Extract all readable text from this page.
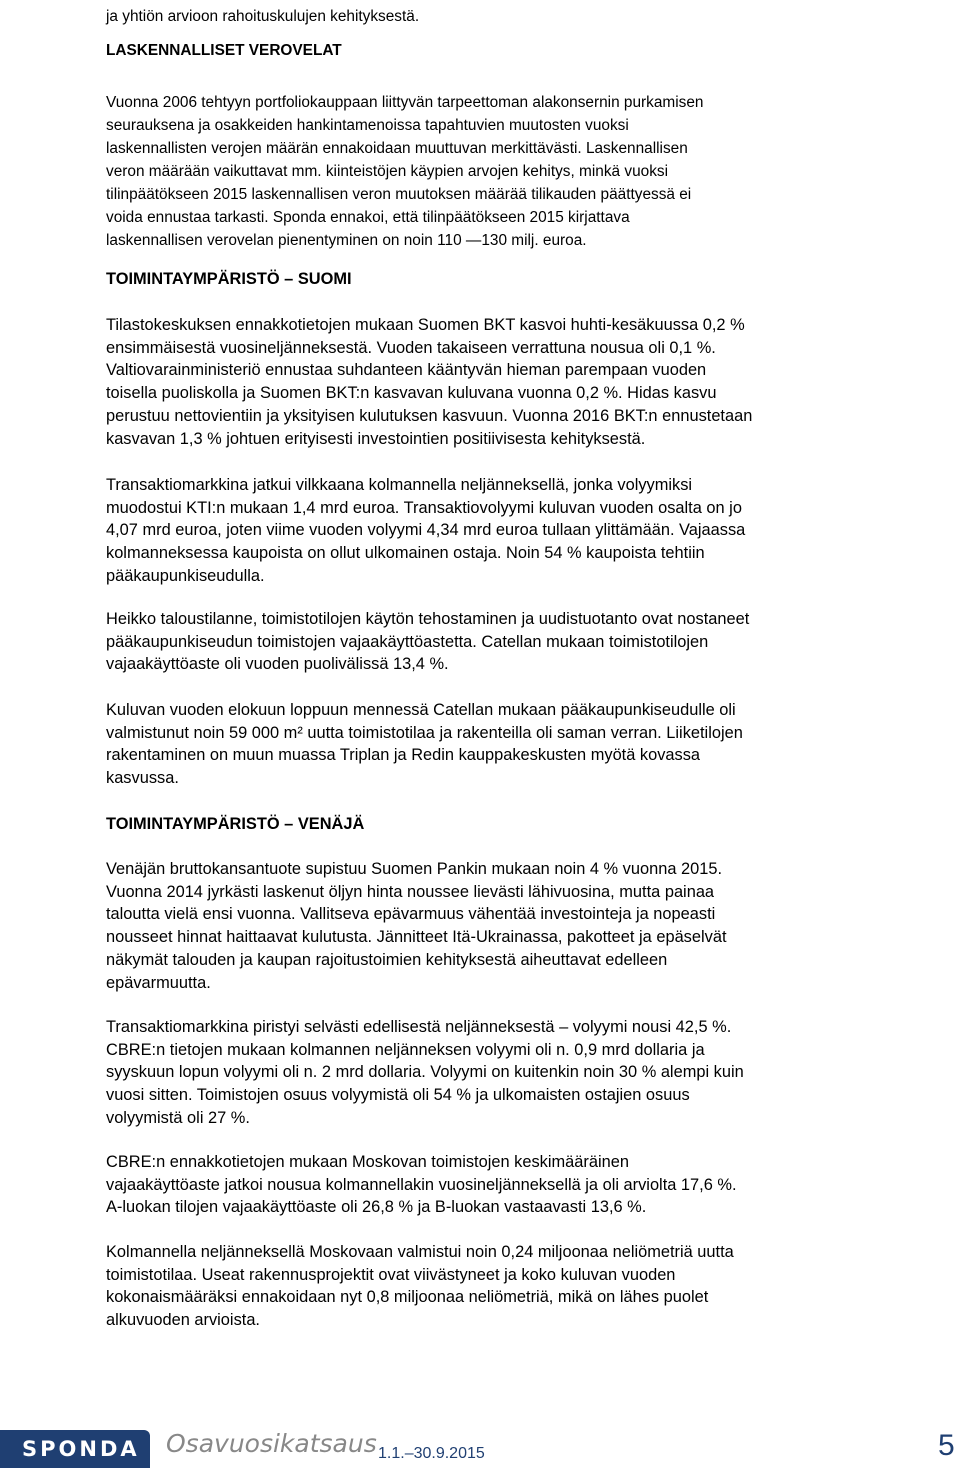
ja yhtiön arvioon rahoituskulujen kehityksestä.
LASKENNALLISET VEROVELAT
Vuonna 2006 tehtyyn portfoliokauppaan liittyvän tarpeettoman alakonsernin purkamisen
seurauksena ja osakkeiden hankintamenoissa tapahtuvien muutosten vuoksi
laskennallisten verojen määrän ennakoidaan muuttuvan merkittävästi. Laskennallisen
veron määrään vaikuttavat mm. kiinteistöjen käypien arvojen kehitys, minkä vuoksi
tilinpäätökseen 2015 laskennallisen veron muutoksen määrää tilikauden päättyessä ei
voida ennustaa tarkasti. Sponda ennakoi, että tilinpäätökseen 2015 kirjattava
laskennallisen verovelan pienentyminen on noin 110 —130 milj. euroa.
TOIMINTAYMPÄRISTÖ – SUOMI
Tilastokeskuksen ennakkotietojen mukaan Suomen BKT kasvoi huhti-kesäkuussa 0,2 %
ensimmäisestä vuosineljänneksestä. Vuoden takaiseen verrattuna nousua oli 0,1 %.
Valtiovarainministeriö ennustaa suhdanteen kääntyvän hieman parempaan vuoden
toisella puoliskolla ja Suomen BKT:n kasvavan kuluvana vuonna 0,2 %. Hidas kasvu
perustuu nettovientiin ja yksityisen kulutuksen kasvuun. Vuonna 2016 BKT:n ennustetaan
kasvavan 1,3 % johtuen erityisesti investointien positiivisesta kehityksestä.
Transaktiomarkkina jatkui vilkkaana kolmannella neljänneksellä, jonka volyymiksi
muodostui KTI:n mukaan 1,4 mrd euroa. Transaktiovolyymi kuluvan vuoden osalta on jo
4,07 mrd euroa, joten viime vuoden volyymi 4,34 mrd euroa tullaan ylittämään. Vajaassa
kolmanneksessa kaupoista on ollut ulkomainen ostaja. Noin 54 % kaupoista tehtiin
pääkaupunkiseudulla.
Heikko taloustilanne, toimistotilojen käytön tehostaminen ja uudistuotanto ovat nostaneet
pääkaupunkiseudun toimistojen vajaakäyttöastetta. Catellan mukaan toimistotilojen
vajaakäyttöaste oli vuoden puolivälissä 13,4 %.
Kuluvan vuoden elokuun loppuun mennessä Catellan mukaan pääkaupunkiseudulle oli
valmistunut noin 59 000 m² uutta toimistotilaa ja rakenteilla oli saman verran. Liiketilojen
rakentaminen on muun muassa Triplan ja Redin kauppakeskusten myötä kovassa
kasvussa.
TOIMINTAYMPÄRISTÖ – VENÄJÄ
Venäjän bruttokansantuote supistuu Suomen Pankin mukaan noin 4 % vuonna 2015.
Vuonna 2014 jyrkästi laskenut öljyn hinta noussee lievästi lähivuosina, mutta painaa
taloutta vielä ensi vuonna. Vallitseva epävarmuus vähentää investointeja ja nopeasti
nousseet hinnat haittaavat kulutusta. Jännitteet Itä-Ukrainassa, pakotteet ja epäselvät
näkymät talouden ja kaupan rajoitustoimien kehityksestä aiheuttavat edelleen
epävarmuutta.
Transaktiomarkkina piristyi selvästi edellisestä neljänneksestä – volyymi nousi 42,5 %.
CBRE:n tietojen mukaan kolmannen neljänneksen volyymi oli n. 0,9 mrd dollaria ja
syyskuun lopun volyymi oli n. 2 mrd dollaria. Volyymi on kuitenkin noin 30 % alempi kuin
vuosi sitten. Toimistojen osuus volyymistä oli 54 % ja ulkomaisten ostajien osuus
volyymistä oli 27 %.
CBRE:n ennakkotietojen mukaan Moskovan toimistojen keskimääräinen
vajaakäyttöaste jatkoi nousua kolmannellakin vuosineljänneksellä ja oli arviolta 17,6 %.
A-luokan tilojen vajaakäyttöaste oli 26,8 % ja B-luokan vastaavasti 13,6 %.
Kolmannella neljänneksellä Moskovaan valmistui noin 0,24 miljoonaa neliömetriä uutta
toimistotilaa. Useat rakennusprojektit ovat viivästyneet ja koko kuluvan vuoden
kokonaismääräksi ennakoidaan nyt 0,8 miljoonaa neliömetriä, mikä on lähes puolet
alkuvuoden arvioista.
SPONDA Osavuosikatsaus 1.1.–30.9.2015	5
